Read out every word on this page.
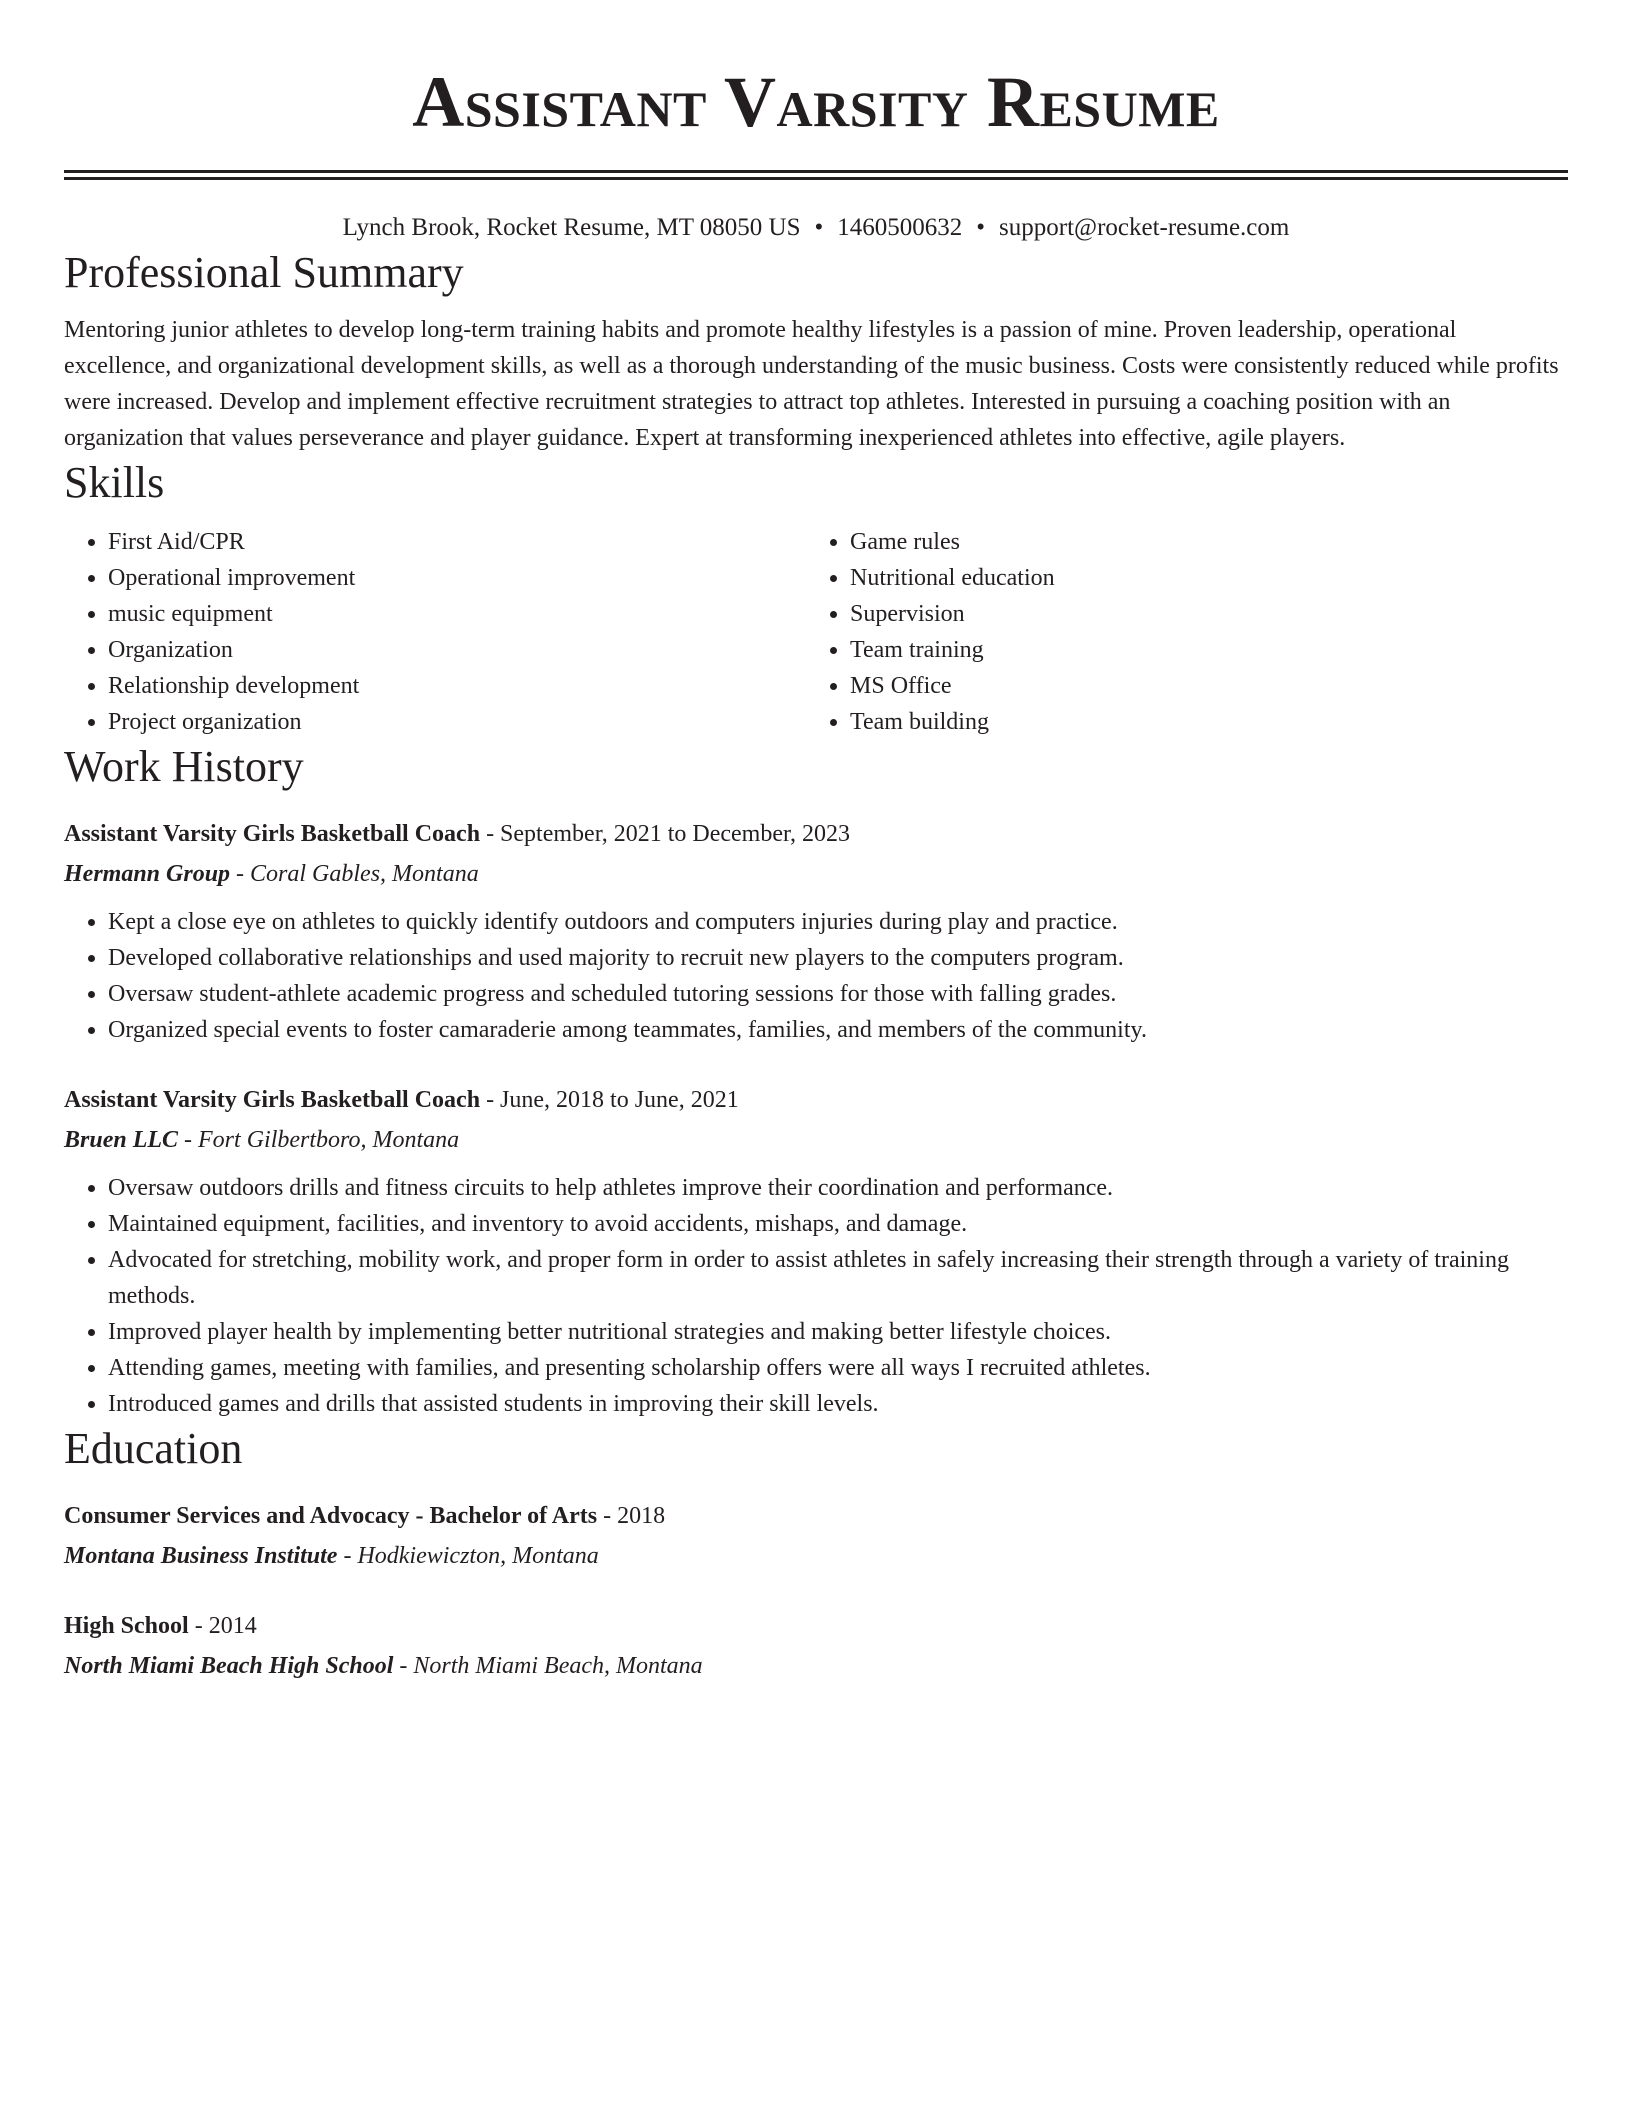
Assistant Varsity Resume
Lynch Brook, Rocket Resume, MT 08050 US • 1460500632 • support@rocket-resume.com
Professional Summary

Mentoring junior athletes to develop long-term training habits and promote healthy lifestyles is a passion of mine. Proven leadership, operational excellence, and organizational development skills, as well as a thorough understanding of the music business. Costs were consistently reduced while profits were increased. Develop and implement effective recruitment strategies to attract top athletes. Interested in pursuing a coaching position with an organization that values perseverance and player guidance. Expert at transforming inexperienced athletes into effective, agile players.

Skills
• First Aid/CPR
• Operational improvement
• music equipment
• Organization
• Relationship development
• Project organization
• Game rules
• Nutritional education
• Supervision
• Team training
• MS Office
• Team building
Work History
Assistant Varsity Girls Basketball Coach - September, 2021 to December, 2023
Hermann Group - Coral Gables, Montana
• Kept a close eye on athletes to quickly identify outdoors and computers injuries during play and practice.
• Developed collaborative relationships and used majority to recruit new players to the computers program.
• Oversaw student-athlete academic progress and scheduled tutoring sessions for those with falling grades.
• Organized special events to foster camaraderie among teammates, families, and members of the community.
Assistant Varsity Girls Basketball Coach - June, 2018 to June, 2021
Bruen LLC - Fort Gilbertboro, Montana
• Oversaw outdoors drills and fitness circuits to help athletes improve their coordination and performance.
• Maintained equipment, facilities, and inventory to avoid accidents, mishaps, and damage.
• Advocated for stretching, mobility work, and proper form in order to assist athletes in safely increasing their strength through a variety of training methods.
• Improved player health by implementing better nutritional strategies and making better lifestyle choices.
• Attending games, meeting with families, and presenting scholarship offers were all ways I recruited athletes.
• Introduced games and drills that assisted students in improving their skill levels.
Education
Consumer Services and Advocacy - Bachelor of Arts - 2018
Montana Business Institute - Hodkiewiczton, Montana
High School - 2014
North Miami Beach High School - North Miami Beach, Montana
